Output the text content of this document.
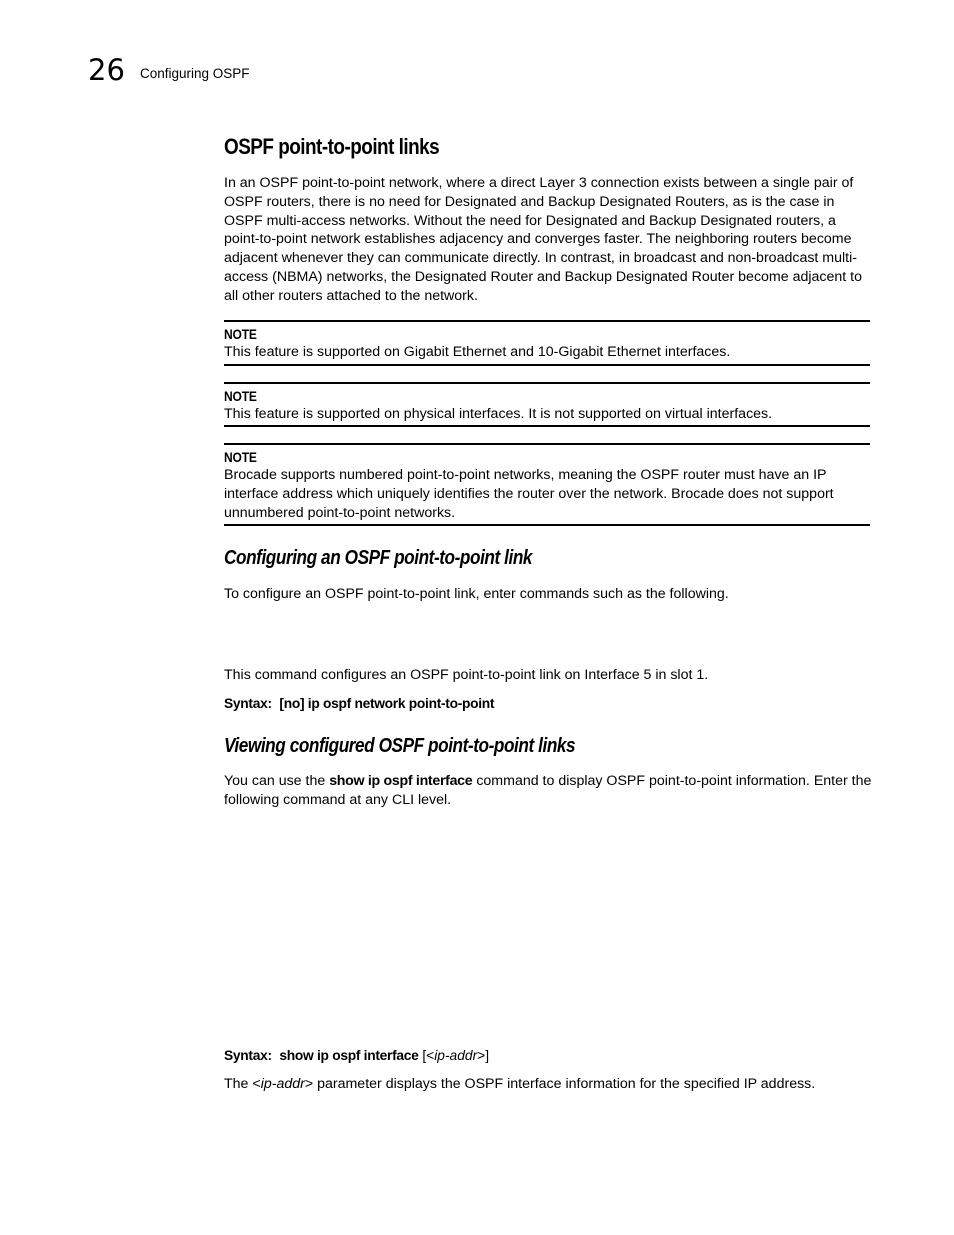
26 Configuring OSPF
OSPF point-to-point links
In an OSPF point-to-point network, where a direct Layer 3 connection exists between a single pair of OSPF routers, there is no need for Designated and Backup Designated Routers, as is the case in OSPF multi-access networks. Without the need for Designated and Backup Designated routers, a point-to-point network establishes adjacency and converges faster. The neighboring routers become adjacent whenever they can communicate directly. In contrast, in broadcast and non-broadcast multi-access (NBMA) networks, the Designated Router and Backup Designated Router become adjacent to all other routers attached to the network.
NOTE
This feature is supported on Gigabit Ethernet and 10-Gigabit Ethernet interfaces.
NOTE
This feature is supported on physical interfaces. It is not supported on virtual interfaces.
NOTE
Brocade supports numbered point-to-point networks, meaning the OSPF router must have an IP interface address which uniquely identifies the router over the network. Brocade does not support unnumbered point-to-point networks.
Configuring an OSPF point-to-point link
To configure an OSPF point-to-point link, enter commands such as the following.
This command configures an OSPF point-to-point link on Interface 5 in slot 1.
Syntax: [no] ip ospf network point-to-point
Viewing configured OSPF point-to-point links
You can use the show ip ospf interface command to display OSPF point-to-point information. Enter the following command at any CLI level.
Syntax: show ip ospf interface [<ip-addr>]
The <ip-addr> parameter displays the OSPF interface information for the specified IP address.
